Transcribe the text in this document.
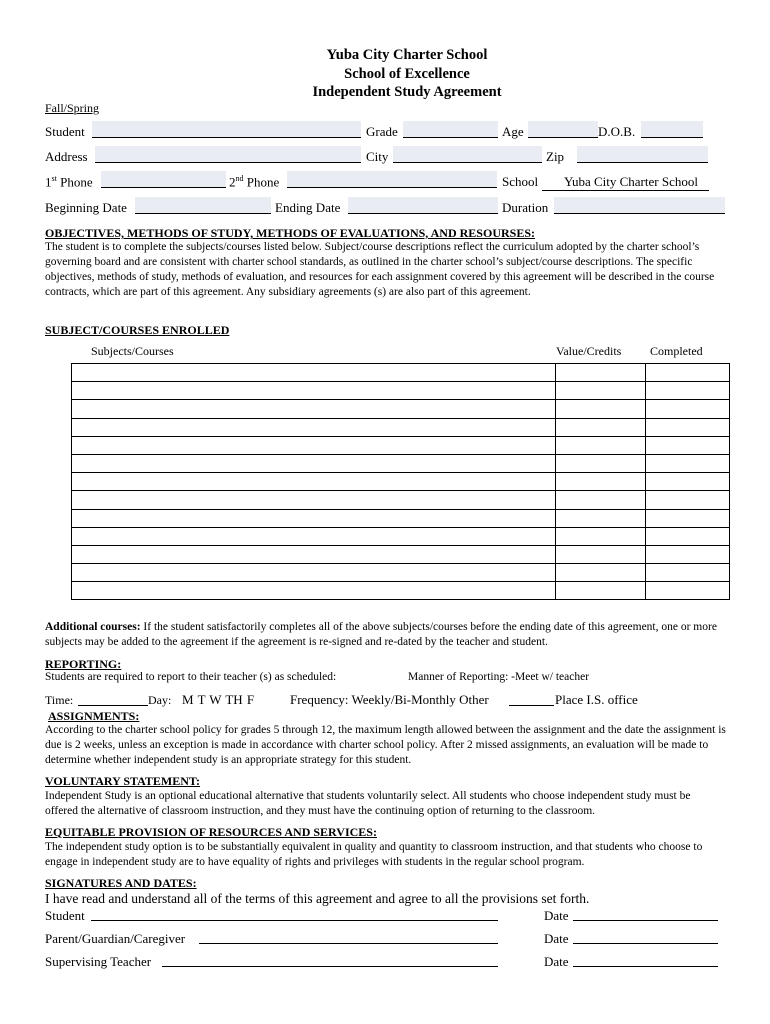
Yuba City Charter School
School of Excellence
Independent Study Agreement
Fall/Spring
Student	Grade	Age	D.O.B.
Address	City	Zip
1st Phone	2nd Phone	School	Yuba City Charter School
Beginning Date	Ending Date	Duration
OBJECTIVES, METHODS OF STUDY, METHODS OF EVALUATIONS, AND RESOURSES:
The student is to complete the subjects/courses listed below. Subject/course descriptions reflect the curriculum adopted by the charter school’s governing board and are consistent with charter school standards, as outlined in the charter school’s subject/course descriptions. The specific objectives, methods of study, methods of evaluation, and resources for each assignment covered by this agreement will be described in the course contracts, which are part of this agreement. Any subsidiary agreements (s) are also part of this agreement.
SUBJECT/COURSES ENROLLED
Subjects/Courses	Value/Credits Completed

Additional courses: If the student satisfactorily completes all of the above subjects/courses before the ending date of this agreement, one or more subjects may be added to the agreement if the agreement is re-signed and re-dated by the teacher and student.
REPORTING:
Students are required to report to their teacher (s) as scheduled:	Manner of Reporting: -Meet w/ teacher
Time:	Day: M T W TH F	Frequency: Weekly/Bi-Monthly Other	Place I.S. office
ASSIGNMENTS:
According to the charter school policy for grades 5 through 12, the maximum length allowed between the assignment and the date the assignment is due is 2 weeks, unless an exception is made in accordance with charter school policy. After 2 missed assignments, an evaluation will be made to determine whether independent study is an appropriate strategy for this student.
VOLUNTARY STATEMENT:
Independent Study is an optional educational alternative that students voluntarily select. All students who choose independent study must be offered the alternative of classroom instruction, and they must have the continuing option of returning to the classroom.
EQUITABLE PROVISION OF RESOURCES AND SERVICES:
The independent study option is to be substantially equivalent in quality and quantity to classroom instruction, and that students who choose to engage in independent study are to have equality of rights and privileges with students in the regular school program.
SIGNATURES AND DATES:
I have read and understand all of the terms of this agreement and agree to all the provisions set forth.
Student	Date
Parent/Guardian/Caregiver	Date
Supervising Teacher	Date
